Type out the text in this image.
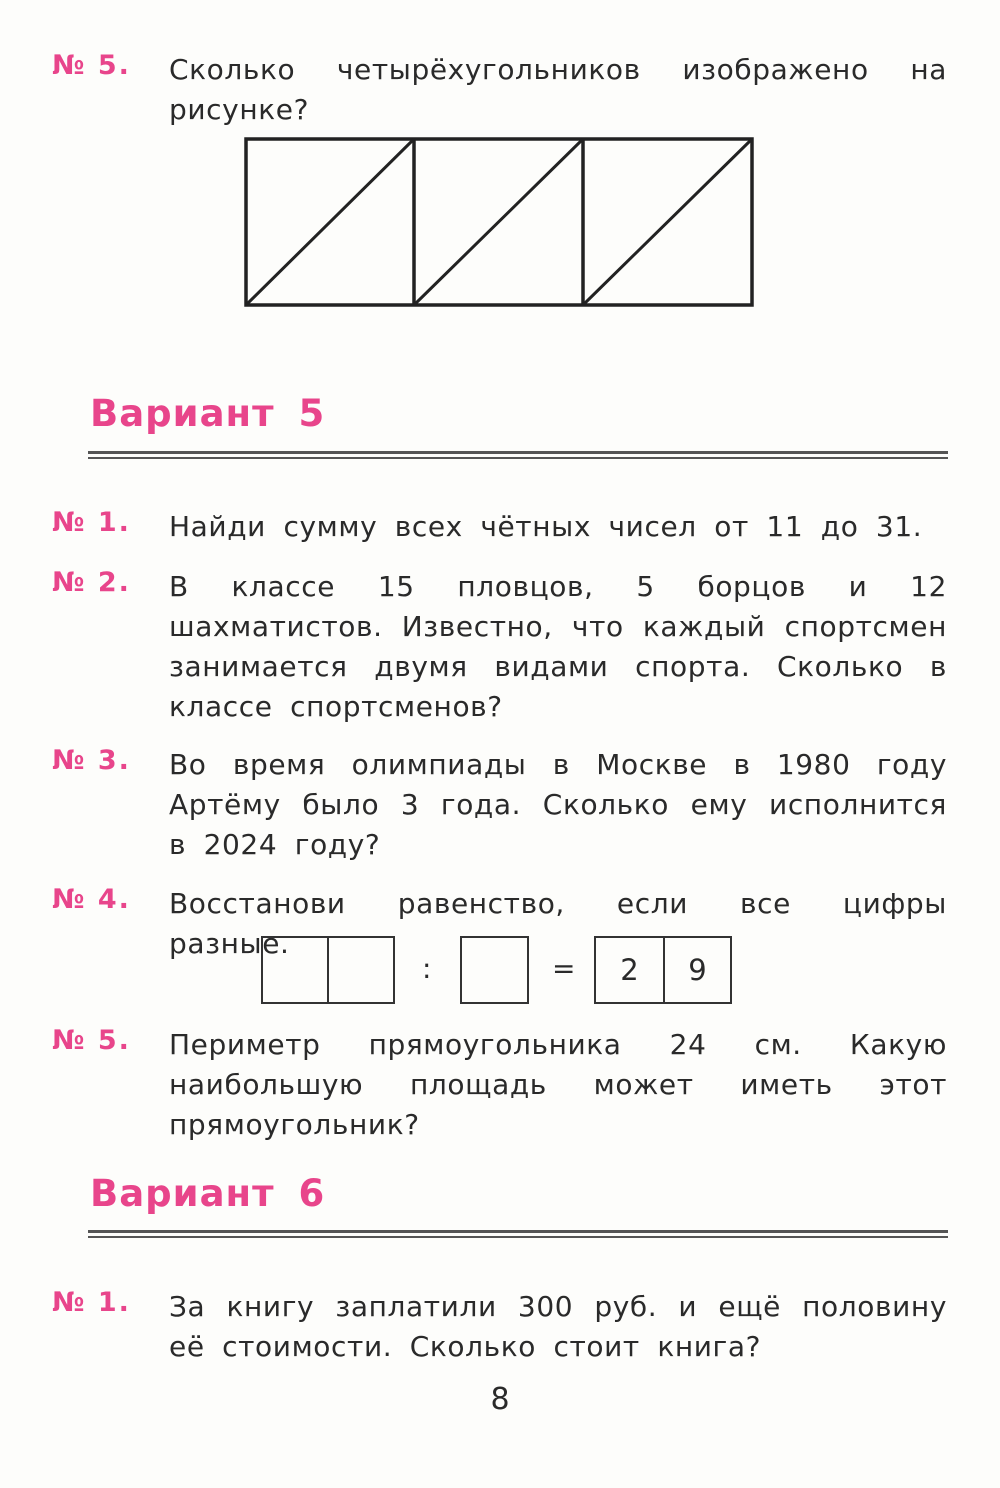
№ 5. Сколько четырёхугольников изображено на рисунке?
Вариант 5
№ 1. Найди сумму всех чётных чисел от 11 до 31.
№ 2. В классе 15 пловцов, 5 борцов и 12 шахматистов. Известно, что каждый спортсмен занимается двумя видами спорта. Сколько в классе спортсменов?
№ 3. Во время олимпиады в Москве в 1980 году Артёму было 3 года. Сколько ему исполнится в 2024 году?
№ 4. Восстанови равенство, если все цифры разные.
:	=	2	9
№ 5. Периметр прямоугольника 24 см. Какую наибольшую площадь может иметь этот прямоугольник?
Вариант 6
№ 1. За книгу заплатили 300 руб. и ещё половину её стоимости. Сколько стоит книга?
8
